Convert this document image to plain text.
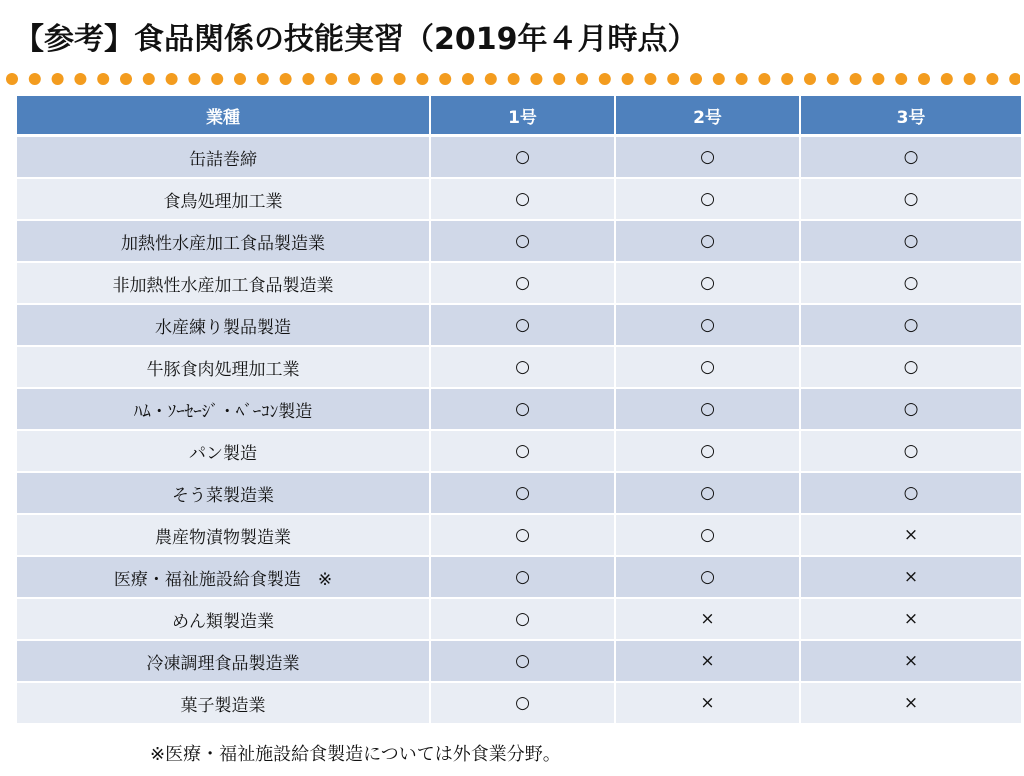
【参考】食品関係の技能実習（2019年４月時点）
業種	1号	2号	3号
缶詰巻締	○	○	○
食鳥処理加工業	○	○	○
加熱性水産加工食品製造業	○	○	○
非加熱性水産加工食品製造業	○	○	○
水産練り製品製造	○	○	○
牛豚食肉処理加工業	○	○	○
ﾊﾑ・ｿｰｾｰｼﾞ・ﾍﾞｰｺﾝ製造	○	○	○
パン製造	○	○	○
そう菜製造業	○	○	○
農産物漬物製造業	○	○	×
医療・福祉施設給食製造　※	○	○	×
めん類製造業	○	×	×
冷凍調理食品製造業	○	×	×
菓子製造業	○	×	×
※医療・福祉施設給食製造については外食業分野。
